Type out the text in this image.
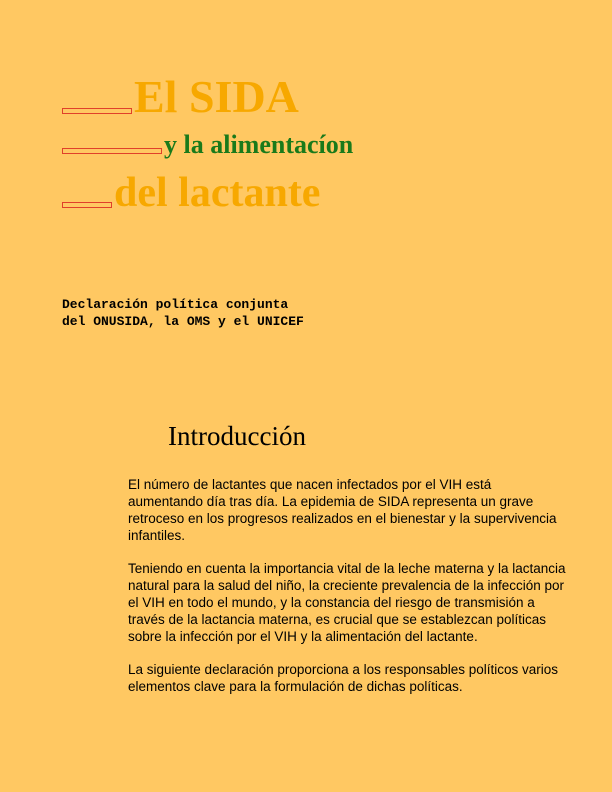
El SIDA
y la alimentacíon
del lactante
Declaración política conjunta
del ONUSIDA, la OMS y el UNICEF
Introducción

El número de lactantes que nacen infectados por el VIH está aumentando día tras día. La epidemia de SIDA representa un grave retroceso en los progresos realizados en el bienestar y la supervivencia infantiles.

Teniendo en cuenta la importancia vital de la leche materna y la lactancia natural para la salud del niño, la creciente prevalencia de la infección por el VIH en todo el mundo, y la constancia del riesgo de transmisión a través de la lactancia materna, es crucial que se establezcan políticas sobre la infección por el VIH y la alimentación del lactante.

La siguiente declaración proporciona a los responsables políticos varios elementos clave para la formulación de dichas políticas.
